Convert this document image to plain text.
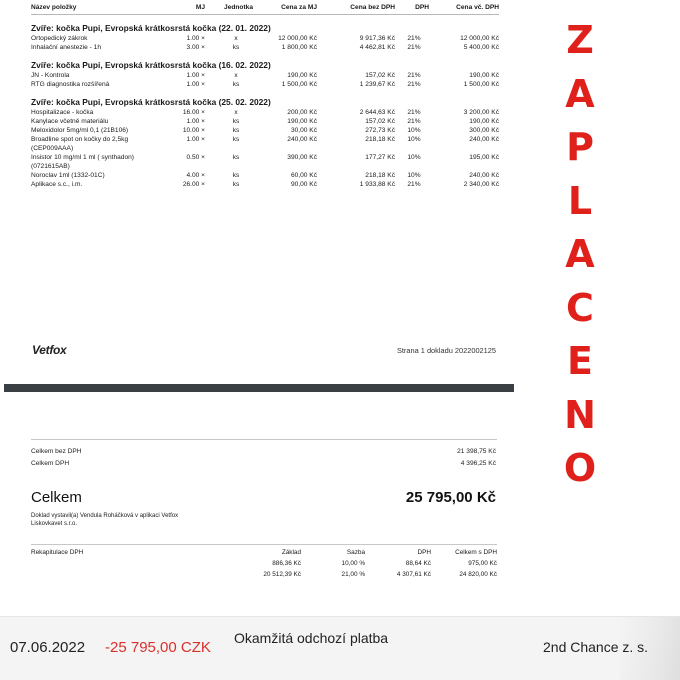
Název položky	MJ	Jednotka	Cena za MJ	Cena bez DPH	DPH	Cena vč. DPH
Zvíře: kočka Pupi, Evropská krátkosrstá kočka (22. 01. 2022)						
Ortopedický zákrok	1.00 ×	x	12 000,00 Kč	9 917,36 Kč	21%	12 000,00 Kč
Inhalační anestezie - 1h	3.00 ×	ks	1 800,00 Kč	4 462,81 Kč	21%	5 400,00 Kč
Zvíře: kočka Pupi, Evropská krátkosrstá kočka (16. 02. 2022)						
JN - Kontrola	1.00 ×	x	190,00 Kč	157,02 Kč	21%	190,00 Kč
RTG diagnostika rozšířená	1.00 ×	ks	1 500,00 Kč	1 239,67 Kč	21%	1 500,00 Kč
Zvíře: kočka Pupi, Evropská krátkosrstá kočka (25. 02. 2022)						
Hospitalizace - kočka	16.00 ×	x	200,00 Kč	2 644,63 Kč	21%	3 200,00 Kč
Kanylace včetně materiálu	1.00 ×	ks	190,00 Kč	157,02 Kč	21%	190,00 Kč
Meloxidolor 5mg/ml 0,1 (21B106)	10.00 ×	ks	30,00 Kč	272,73 Kč	10%	300,00 Kč
Broadline spot on kočky do 2,5kg (CEP009AAA)	1.00 ×	ks	240,00 Kč	218,18 Kč	10%	240,00 Kč
Insistor 10 mg/ml 1 ml ( synthadon) (0721615AB)	0.50 ×	ks	390,00 Kč	177,27 Kč	10%	195,00 Kč
Noroclav 1ml (1332-01C)	4.00 ×	ks	60,00 Kč	218,18 Kč	10%	240,00 Kč
Aplikace s.c., i.m.	26.00 ×	ks	90,00 Kč	1 933,88 Kč	21%	2 340,00 Kč
Vetfox	Strana 1 dokladu 2022002125
Celkem bez DPH	21 398,75 Kč
Celkem DPH	4 396,25 Kč
Celkem	25 795,00 Kč
Doklad vystavil(a) Vendula Roháčková v aplikaci Vetfox
Liskovkavet s.r.o.
Rekapitulace DPH	Základ	Sazba	DPH	Celkem s DPH
	886,36 Kč	10,00 %	88,64 Kč	975,00 Kč
	20 512,39 Kč	21,00 %	4 307,61 Kč	24 820,00 Kč
Z
A
P
L
A
C
E
N
O
07.06.2022 -25 795,00 CZK
Okamžitá odchozí platba
2nd Chance z. s.
